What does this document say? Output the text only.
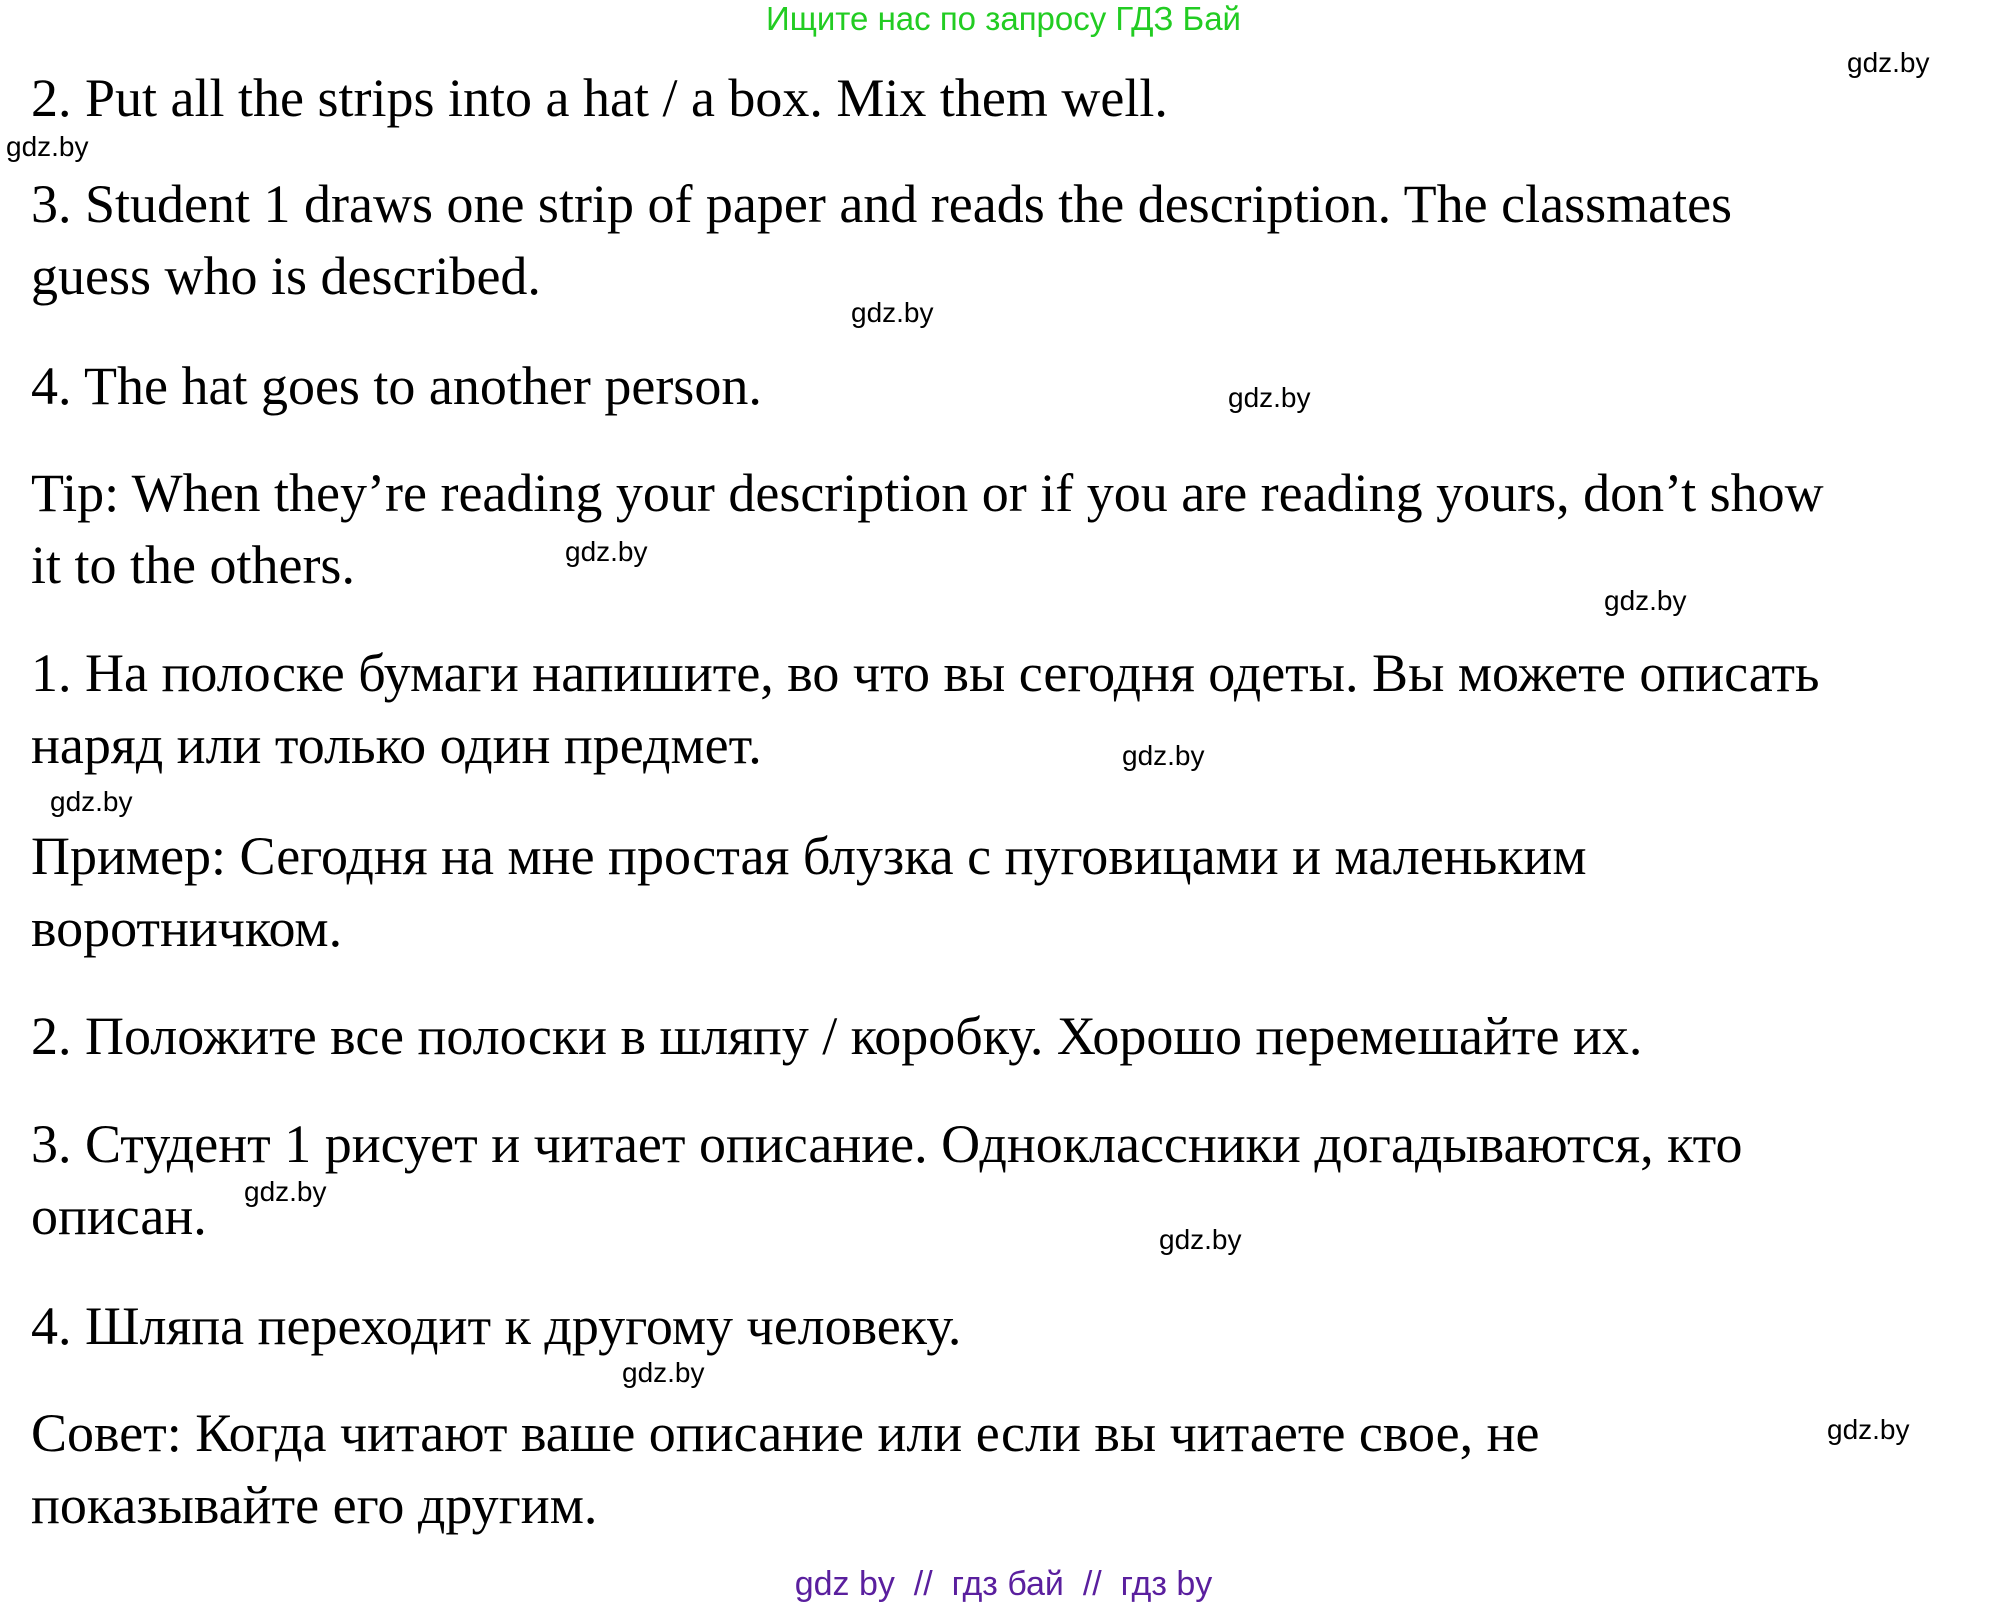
Ищите нас по запросу ГДЗ Бай

2. Put all the strips into a hat / a box. Mix them well.

3. Student 1 draws one strip of paper and reads the description. The classmates
guess who is described.

4. The hat goes to another person.

Tip: When they’re reading your description or if you are reading yours, don’t show
it to the others.

1. На полоске бумаги напишите, во что вы сегодня одеты. Вы можете описать
наряд или только один предмет.

Пример: Сегодня на мне простая блузка с пуговицами и маленьким
воротничком.

2. Положите все полоски в шляпу / коробку. Хорошо перемешайте их.

3. Студент 1 рисует и читает описание. Одноклассники догадываются, кто
описан.

4. Шляпа переходит к другому человеку.

Совет: Когда читают ваше описание или если вы читаете свое, не
показывайте его другим.

gdz.by
gdz.by
gdz.by
gdz.by
gdz.by
gdz.by
gdz.by
gdz.by
gdz.by
gdz.by
gdz.by
gdz.by
gdz by  //  гдз бай  //  гдз by
